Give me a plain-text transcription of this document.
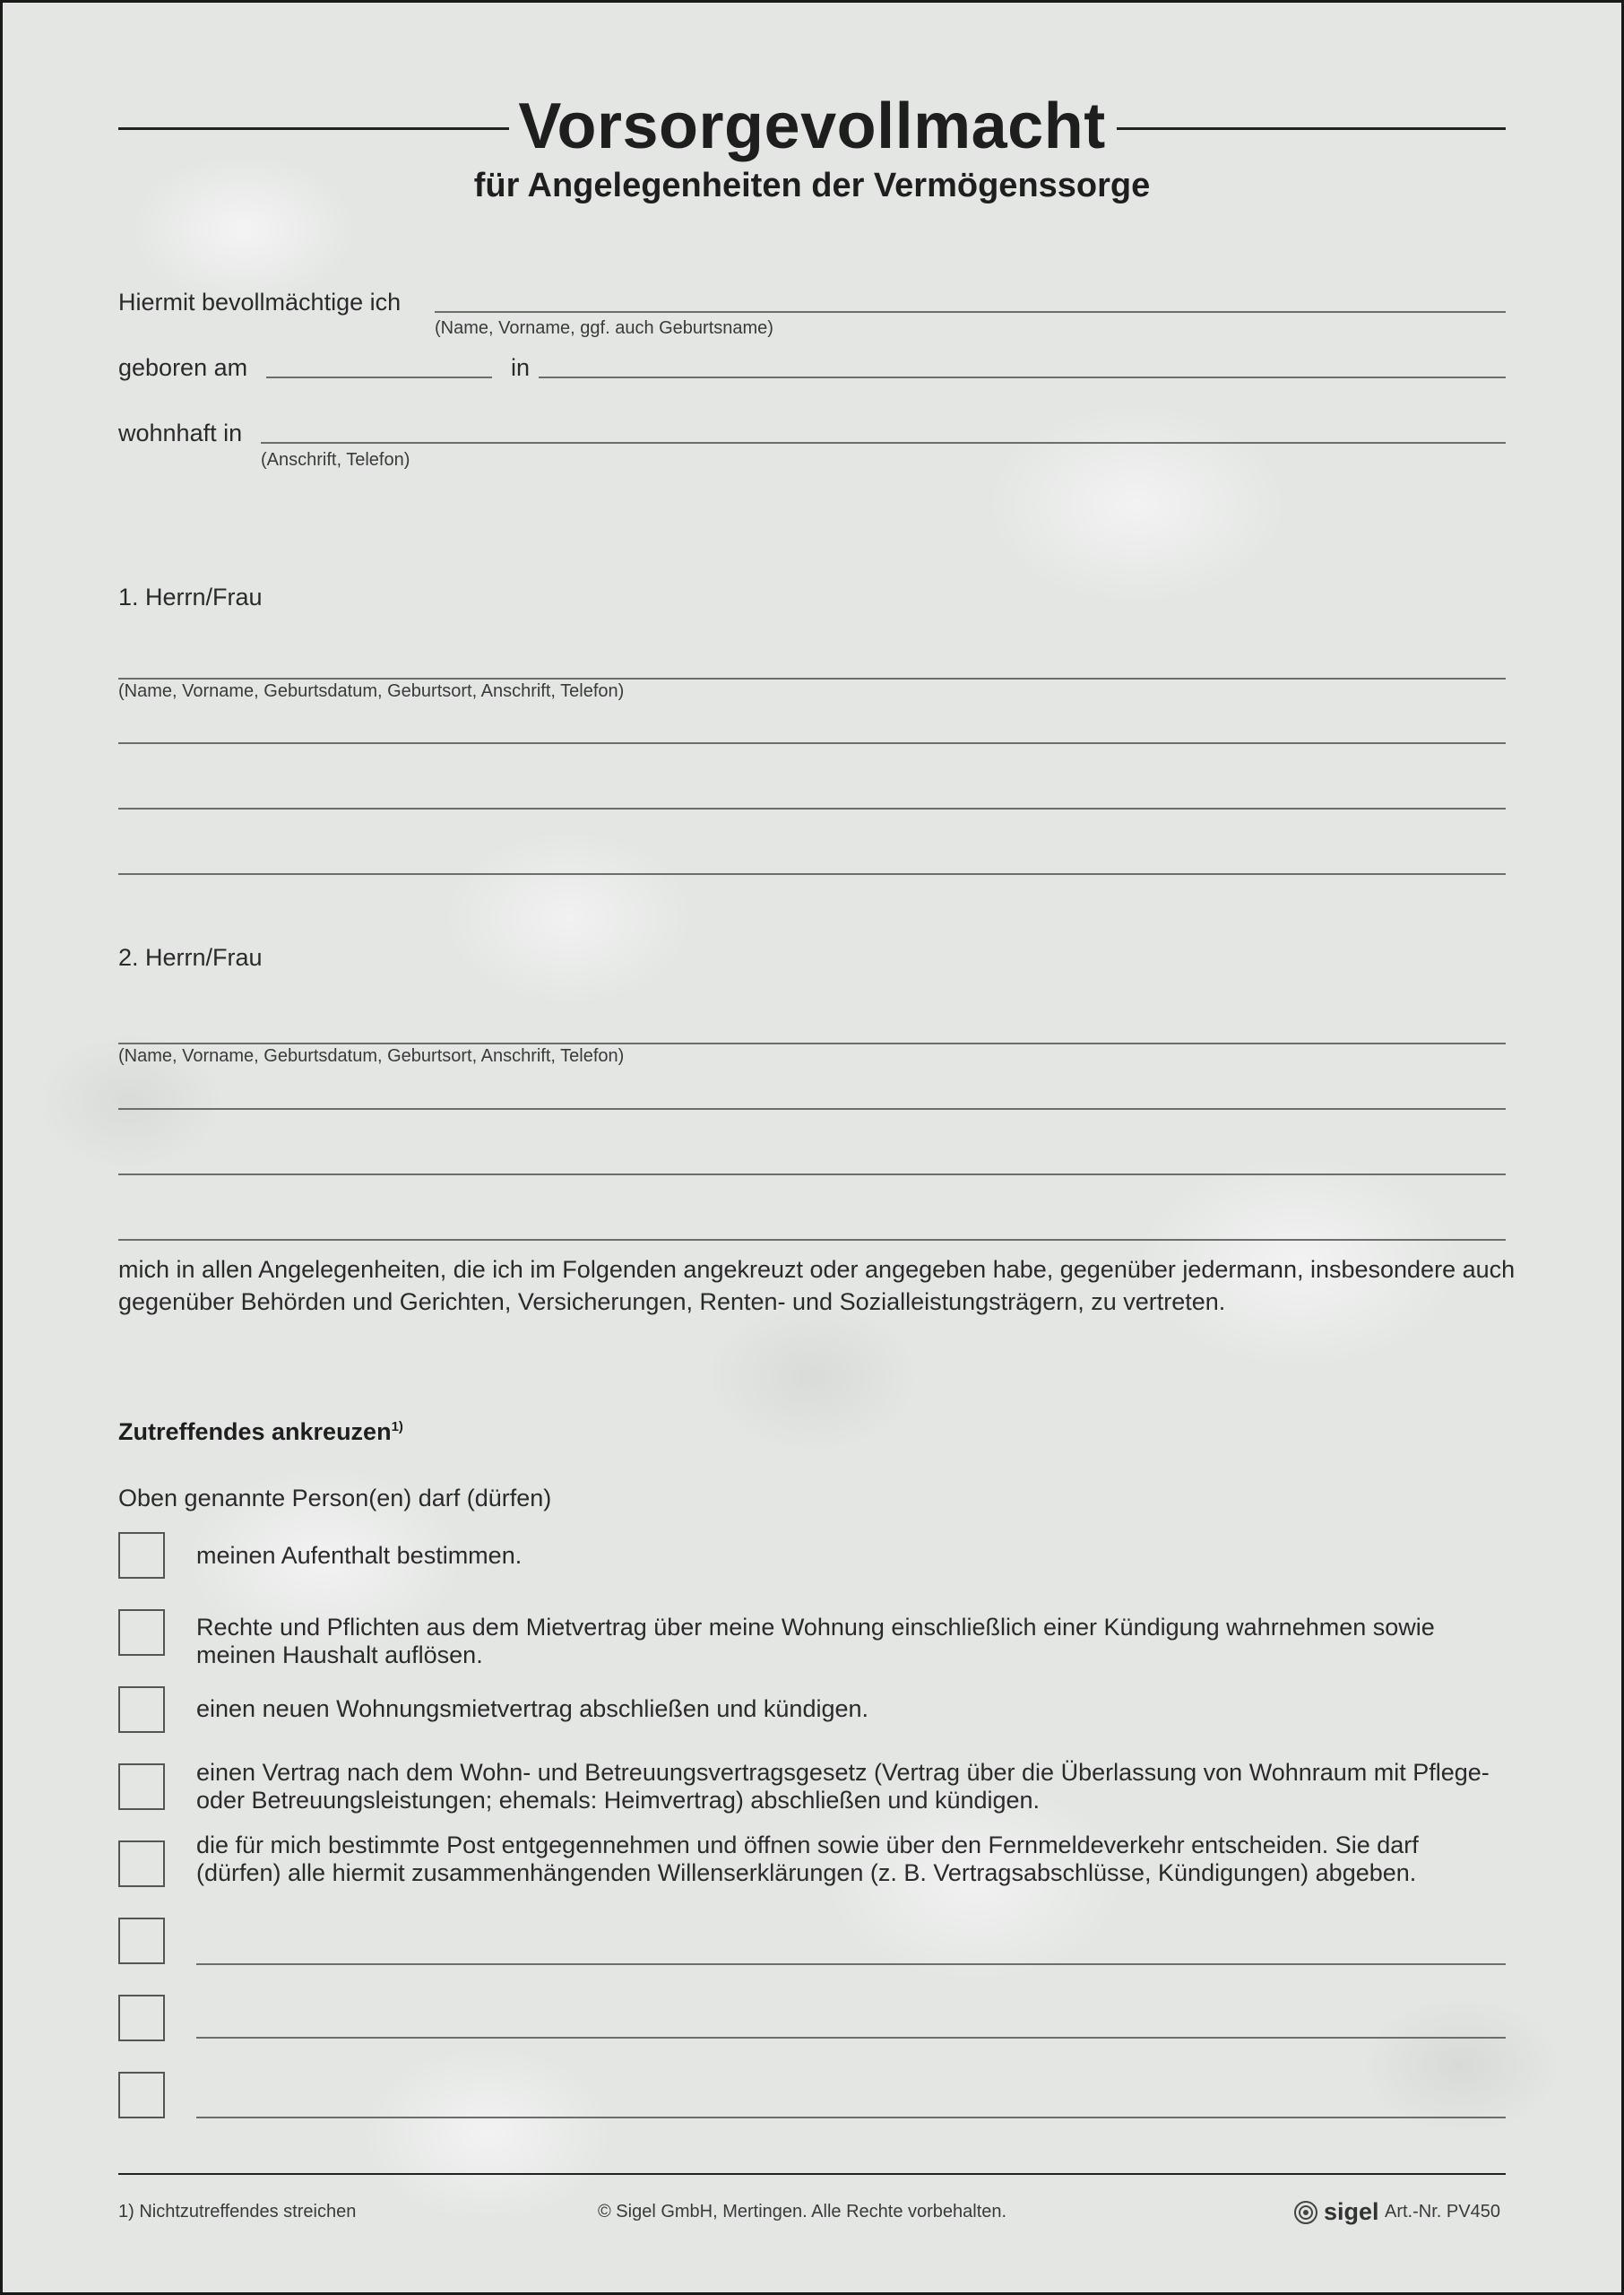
Vorsorgevollmacht
für Angelegenheiten der Vermögenssorge
Hiermit bevollmächtige ich
(Name, Vorname, ggf. auch Geburtsname)
geboren am	in
wohnhaft in
(Anschrift, Telefon)
1. Herrn/Frau
(Name, Vorname, Geburtsdatum, Geburtsort, Anschrift, Telefon)
2. Herrn/Frau
(Name, Vorname, Geburtsdatum, Geburtsort, Anschrift, Telefon)
mich in allen Angelegenheiten, die ich im Folgenden angekreuzt oder angegeben habe, gegenüber jedermann, insbesondere auch gegenüber Behörden und Gerichten, Versicherungen, Renten- und Sozialleistungsträgern, zu vertreten.
Zutreffendes ankreuzen$^{1)}$
Oben genannte Person(en) darf (dürfen)
meinen Aufenthalt bestimmen.
Rechte und Pflichten aus dem Mietvertrag über meine Wohnung einschließlich einer Kündigung wahrnehmen sowie meinen Haushalt auflösen.
einen neuen Wohnungsmietvertrag abschließen und kündigen.
einen Vertrag nach dem Wohn- und Betreuungsvertragsgesetz (Vertrag über die Überlassung von Wohnraum mit Pflege- oder Betreuungsleistungen; ehemals: Heimvertrag) abschließen und kündigen.
die für mich bestimmte Post entgegennehmen und öffnen sowie über den Fernmeldeverkehr entscheiden. Sie darf (dürfen) alle hiermit zusammenhängenden Willenserklärungen (z. B. Vertragsabschlüsse, Kündigungen) abgeben.
1) Nichtzutreffendes streichen	© Sigel GmbH, Mertingen. Alle Rechte vorbehalten.	sigel Art.-Nr. PV450
